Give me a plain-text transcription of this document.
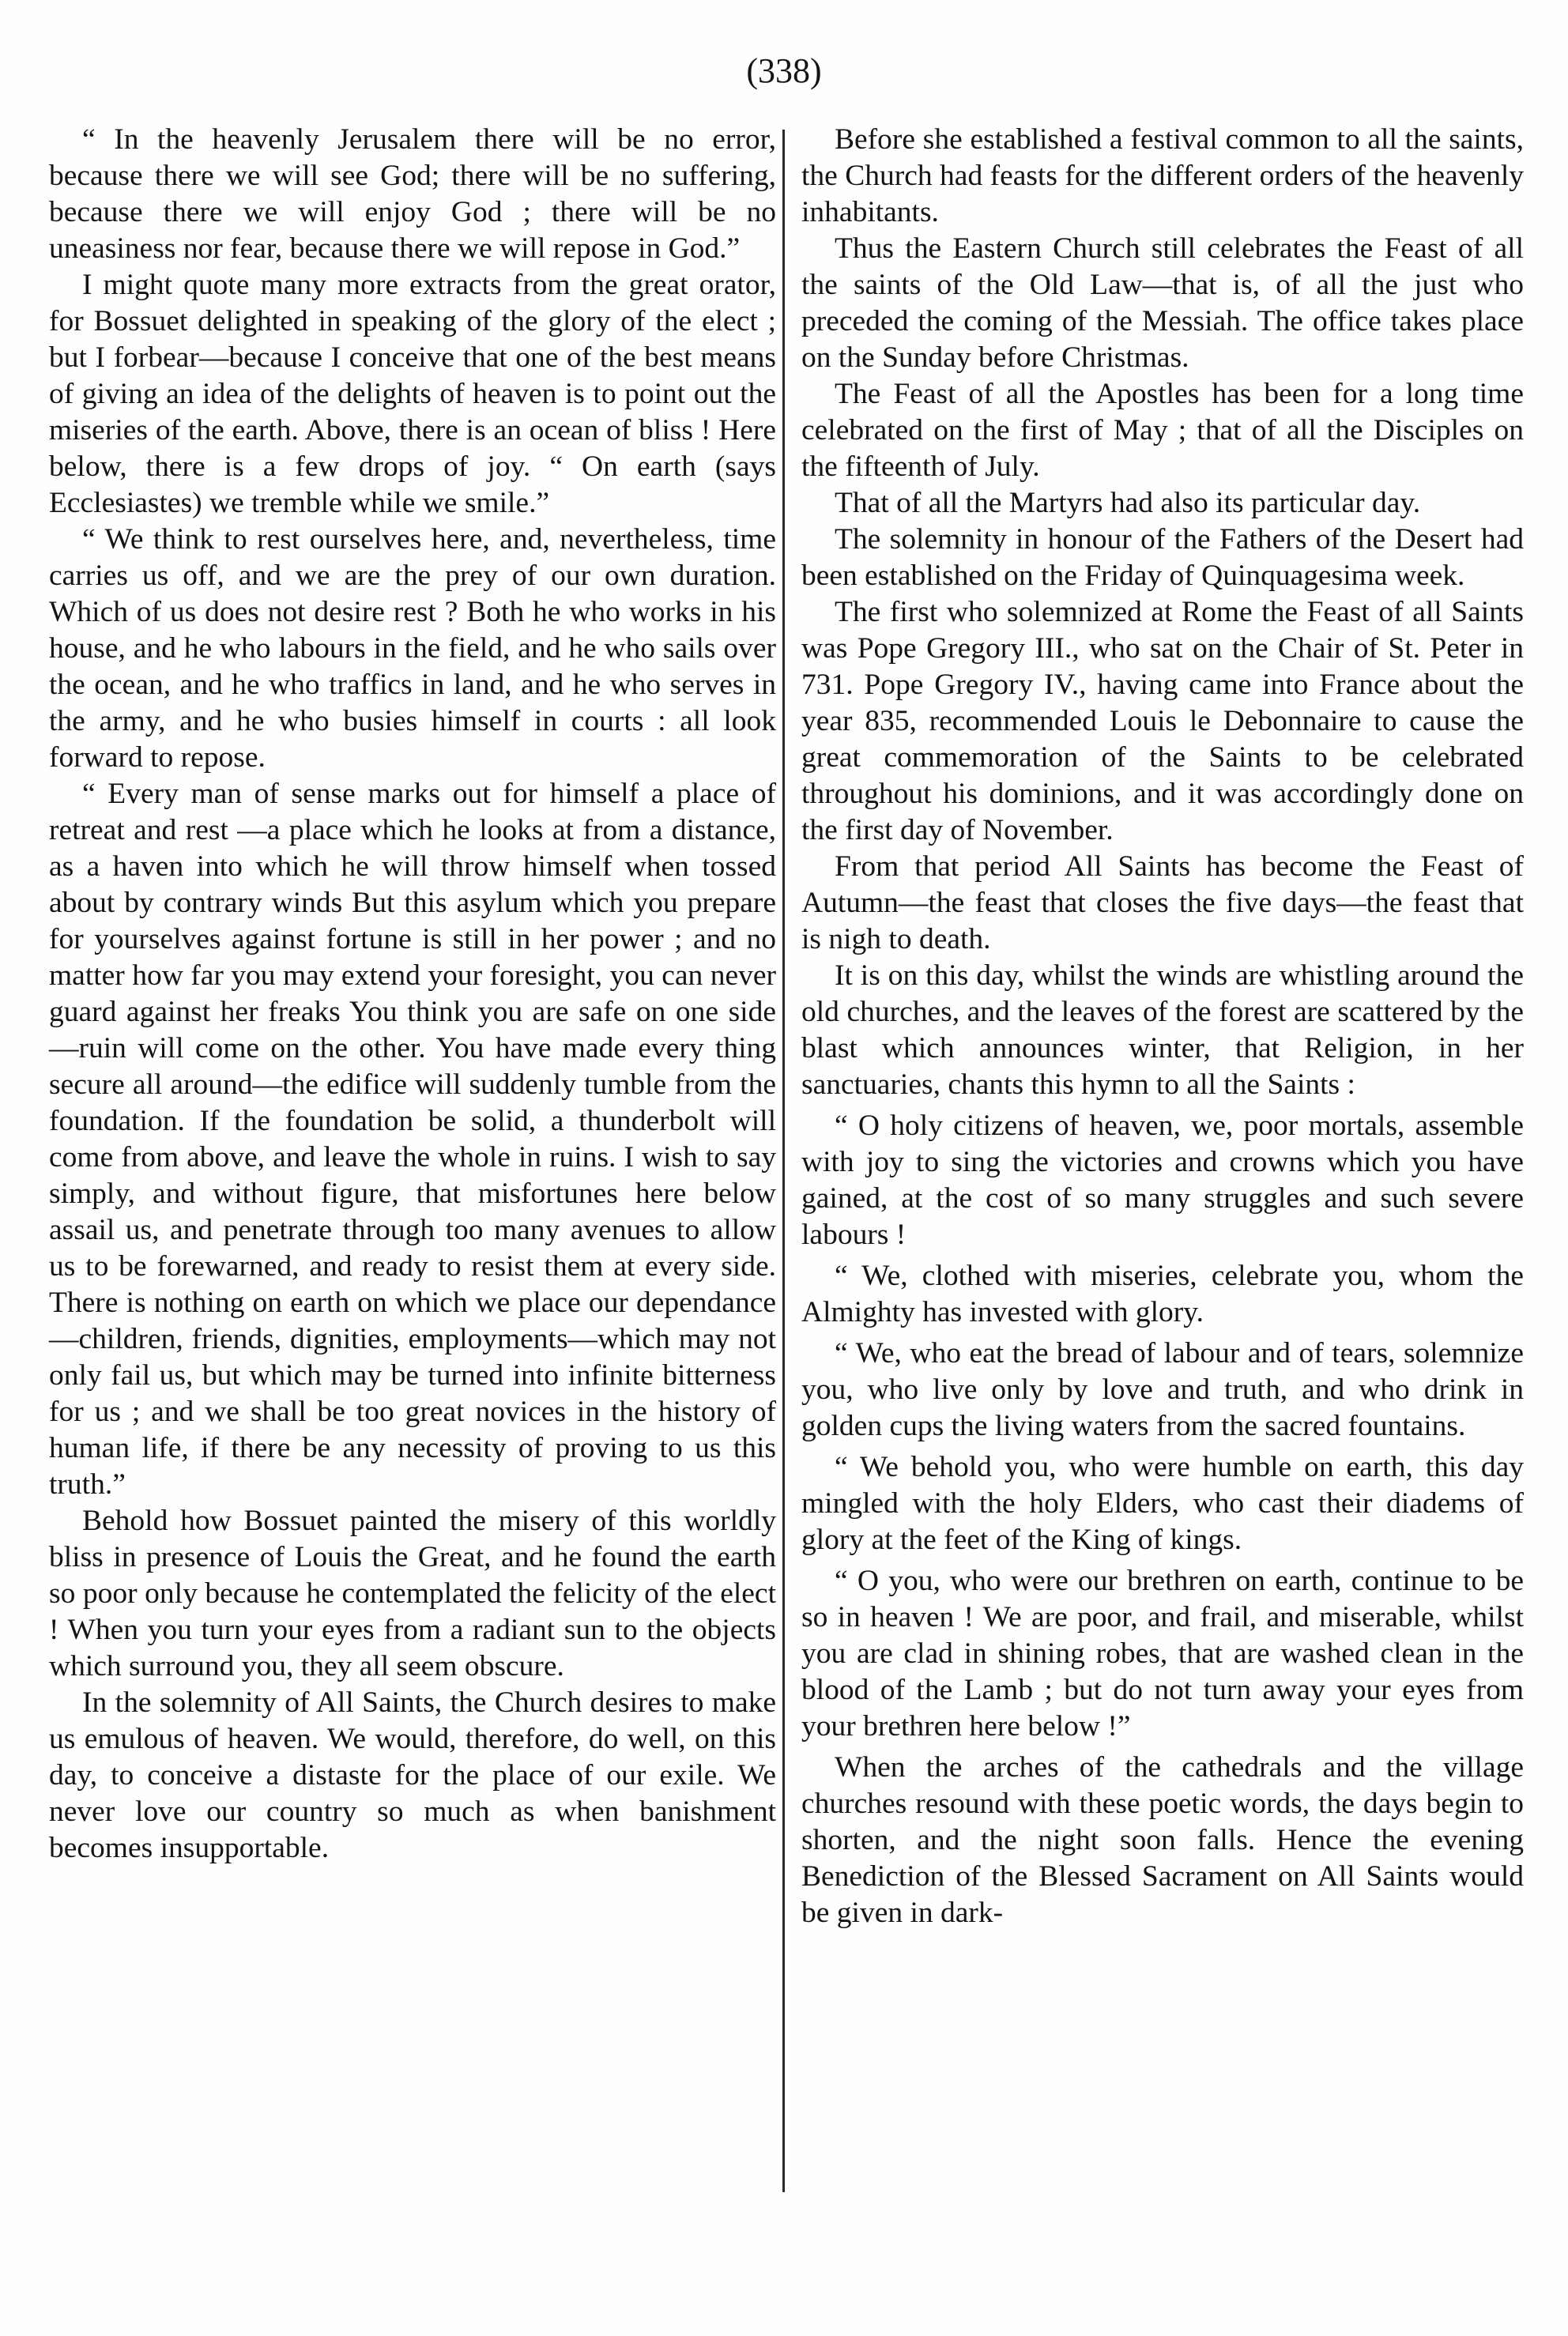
(338)

“ In the heavenly Jerusalem there will be no error, because there we will see God; there will be no suffering, because there we will enjoy God ; there will be no uneasiness nor fear, because there we will repose in God.”

I might quote many more extracts from the great orator, for Bossuet delighted in speaking of the glory of the elect ; but I forbear—because I conceive that one of the best means of giving an idea of the delights of heaven is to point out the miseries of the earth. Above, there is an ocean of bliss ! Here below, there is a few drops of joy. “ On earth (says Ecclesiastes) we tremble while we smile.”

“ We think to rest ourselves here, and, nevertheless, time carries us off, and we are the prey of our own duration. Which of us does not desire rest ? Both he who works in his house, and he who labours in the field, and he who sails over the ocean, and he who traffics in land, and he who serves in the army, and he who busies himself in courts : all look forward to repose.

“ Every man of sense marks out for himself a place of retreat and rest —a place which he looks at from a distance, as a haven into which he will throw himself when tossed about by contrary winds But this asylum which you prepare for yourselves against fortune is still in her power ; and no matter how far you may extend your foresight, you can never guard against her freaks You think you are safe on one side—ruin will come on the other. You have made every thing secure all around—the edifice will suddenly tumble from the foundation. If the foundation be solid, a thunderbolt will come from above, and leave the whole in ruins. I wish to say simply, and without figure, that misfortunes here below assail us, and penetrate through too many avenues to allow us to be forewarned, and ready to resist them at every side. There is nothing on earth on which we place our dependance—children, friends, dignities, employments—which may not only fail us, but which may be turned into infinite bitterness for us ; and we shall be too great novices in the history of human life, if there be any necessity of proving to us this truth.”

Behold how Bossuet painted the misery of this worldly bliss in presence of Louis the Great, and he found the earth so poor only because he contemplated the felicity of the elect ! When you turn your eyes from a radiant sun to the objects which surround you, they all seem obscure.

In the solemnity of All Saints, the Church desires to make us emulous of heaven. We would, therefore, do well, on this day, to conceive a distaste for the place of our exile. We never love our country so much as when banishment becomes insupportable.

Before she established a festival common to all the saints, the Church had feasts for the different orders of the heavenly inhabitants.

Thus the Eastern Church still celebrates the Feast of all the saints of the Old Law—that is, of all the just who preceded the coming of the Messiah. The office takes place on the Sunday before Christmas.

The Feast of all the Apostles has been for a long time celebrated on the first of May ; that of all the Disciples on the fifteenth of July.

That of all the Martyrs had also its particular day.

The solemnity in honour of the Fathers of the Desert had been established on the Friday of Quinquagesima week.

The first who solemnized at Rome the Feast of all Saints was Pope Gregory III., who sat on the Chair of St. Peter in 731. Pope Gregory IV., having came into France about the year 835, recommended Louis le Debonnaire to cause the great commemoration of the Saints to be celebrated throughout his dominions, and it was accordingly done on the first day of November.

From that period All Saints has become the Feast of Autumn—the feast that closes the five days—the feast that is nigh to death.

It is on this day, whilst the winds are whistling around the old churches, and the leaves of the forest are scattered by the blast which announces winter, that Religion, in her sanctuaries, chants this hymn to all the Saints :

“ O holy citizens of heaven, we, poor mortals, assemble with joy to sing the victories and crowns which you have gained, at the cost of so many struggles and such severe labours !

“ We, clothed with miseries, celebrate you, whom the Almighty has invested with glory.

“ We, who eat the bread of labour and of tears, solemnize you, who live only by love and truth, and who drink in golden cups the living waters from the sacred fountains.

“ We behold you, who were humble on earth, this day mingled with the holy Elders, who cast their diadems of glory at the feet of the King of kings.

“ O you, who were our brethren on earth, continue to be so in heaven ! We are poor, and frail, and miserable, whilst you are clad in shining robes, that are washed clean in the blood of the Lamb ; but do not turn away your eyes from your brethren here below !”

When the arches of the cathedrals and the village churches resound with these poetic words, the days begin to shorten, and the night soon falls. Hence the evening Benediction of the Blessed Sacrament on All Saints would be given in dark-
